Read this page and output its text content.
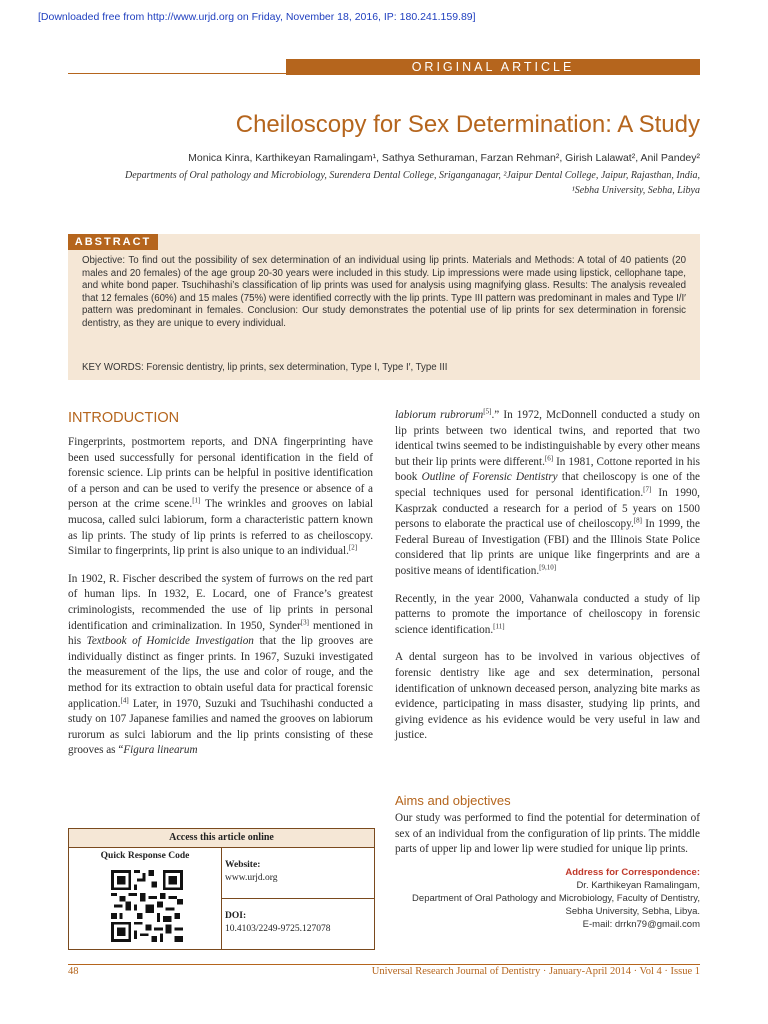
[Downloaded free from http://www.urjd.org on Friday, November 18, 2016, IP: 180.241.159.89]
ORIGINAL ARTICLE
Cheiloscopy for Sex Determination: A Study
Monica Kinra, Karthikeyan Ramalingam¹, Sathya Sethuraman, Farzan Rehman², Girish Lalawat², Anil Pandey²
Departments of Oral pathology and Microbiology, Surendera Dental College, Sriganganagar, ²Jaipur Dental College, Jaipur, Rajasthan, India,
¹Sebha University, Sebha, Libya
ABSTRACT
Objective: To find out the possibility of sex determination of an individual using lip prints. Materials and Methods: A total of 40 patients (20 males and 20 females) of the age group 20-30 years were included in this study. Lip impressions were made using lipstick, cellophane tape, and white bond paper. Tsuchihashi’s classification of lip prints was used for analysis using magnifying glass. Results: The analysis revealed that 12 females (60%) and 15 males (75%) were identified correctly with the lip prints. Type III pattern was predominant in males and Type I/I′ pattern was predominant in females. Conclusion: Our study demonstrates the potential use of lip prints for sex determination in forensic dentistry, as they are unique to every individual.
KEY WORDS: Forensic dentistry, lip prints, sex determination, Type I, Type I′, Type III
INTRODUCTION

Fingerprints, postmortem reports, and DNA fingerprinting have been used successfully for personal identification in the field of forensic science. Lip prints can be helpful in positive identification of a person and can be used to verify the presence or absence of a person at the crime scene.[1] The wrinkles and grooves on labial mucosa, called sulci labiorum, form a characteristic pattern known as lip prints. The study of lip prints is referred to as cheiloscopy. Similar to fingerprints, lip print is also unique to an individual.[2]

In 1902, R. Fischer described the system of furrows on the red part of human lips. In 1932, E. Locard, one of France’s greatest criminologists, recommended the use of lip prints in personal identification and criminalization. In 1950, Synder[3] mentioned in his Textbook of Homicide Investigation that the lip grooves are individually distinct as finger prints. In 1967, Suzuki investigated the measurement of the lips, the use and color of rouge, and the method for its extraction to obtain useful data for practical forensic application.[4] Later, in 1970, Suzuki and Tsuchihashi conducted a study on 107 Japanese families and named the grooves on labiorum rurorum as sulci labiorum and the lip prints consisting of these grooves as “Figura linearum

labiorum rubrorum[5].” In 1972, McDonnell conducted a study on lip prints between two identical twins, and reported that two identical twins seemed to be indistinguishable by every other means but their lip prints were different.[6] In 1981, Cottone reported in his book Outline of Forensic Dentistry that cheiloscopy is one of the special techniques used for personal identification.[7] In 1990, Kasprzak conducted a research for a period of 5 years on 1500 persons to elaborate the practical use of cheiloscopy.[8] In 1999, the Federal Bureau of Investigation (FBI) and the Illinois State Police considered that lip prints are unique like fingerprints and are a positive means of identification.[9,10]

Recently, in the year 2000, Vahanwala conducted a study of lip patterns to promote the importance of cheiloscopy in forensic science identification.[11]

A dental surgeon has to be involved in various objectives of forensic dentistry like age and sex determination, personal identification of unknown deceased person, analyzing bite marks as evidence, participating in mass disaster, studying lip prints, and giving evidence as his evidence would be very useful in law and justice.

Aims and objectives

Our study was performed to find the potential for determination of sex of an individual from the configuration of lip prints. The middle parts of upper lip and lower lip were studied for unique lip prints.

Access this article online
Quick Response Code
Website:
www.urjd.org
DOI:
10.4103/2249-9725.127078
Address for Correspondence:
Dr. Karthikeyan Ramalingam,
Department of Oral Pathology and Microbiology, Faculty of Dentistry,
Sebha University, Sebha, Libya.
E-mail: drrkn79@gmail.com
48	Universal Research Journal of Dentistry · January-April 2014 · Vol 4 · Issue 1
